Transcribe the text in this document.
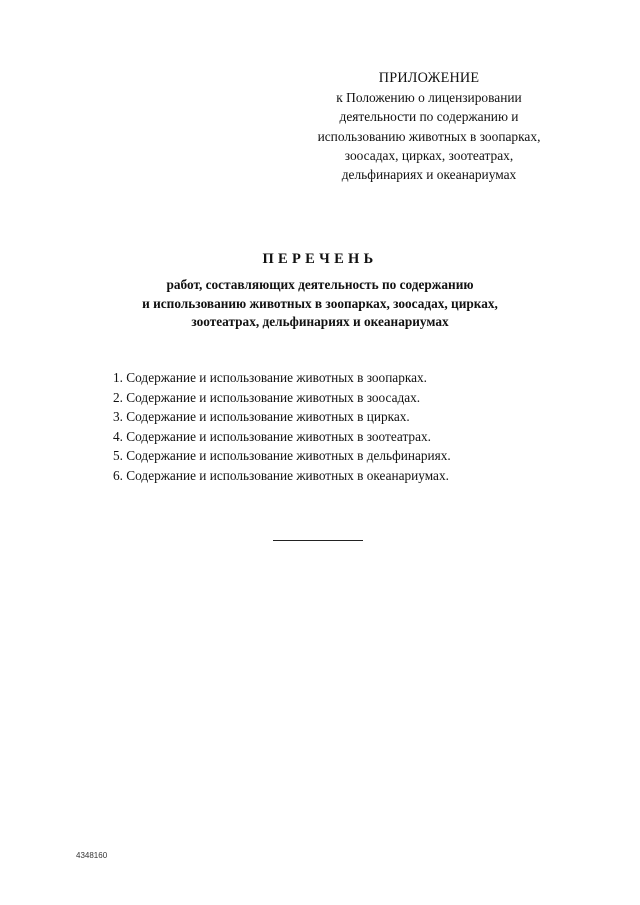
ПРИЛОЖЕНИЕ
к Положению о лицензировании
деятельности по содержанию и
использованию животных в зоопарках,
зоосадах, цирках, зоотеатрах,
дельфинариях и океанариумах
ПЕРЕЧЕНЬ
работ, составляющих деятельность по содержанию
и использованию животных в зоопарках, зоосадах, цирках,
зоотеатрах, дельфинариях и океанариумах
1. Содержание и использование животных в зоопарках.
2. Содержание и использование животных в зоосадах.
3. Содержание и использование животных в цирках.
4. Содержание и использование животных в зоотеатрах.
5. Содержание и использование животных в дельфинариях.
6. Содержание и использование животных в океанариумах.
4348160
